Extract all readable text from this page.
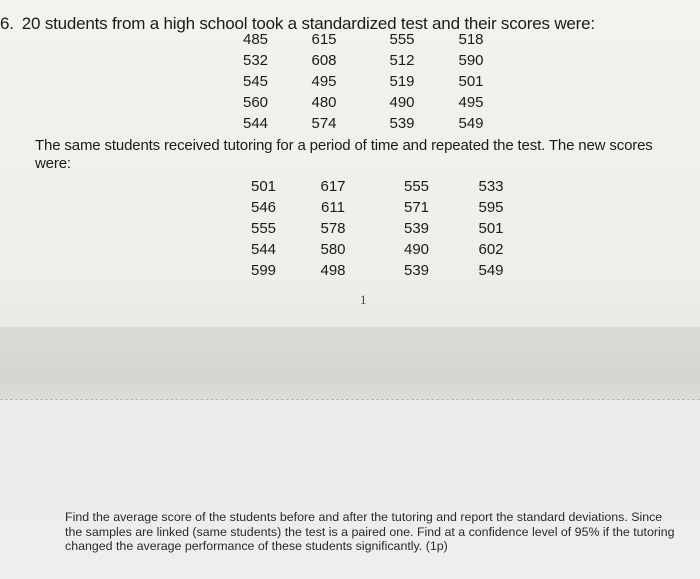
6. 20 students from a high school took a standardized test and their scores were:
485	615	555	518
532	608	512	590
545	495	519	501
560	480	490	495
544	574	539	549
The same students received tutoring for a period of time and repeated the test. The new scores were:
501	617	555	533
546	611	571	595
555	578	539	501
544	580	490	602
599	498	539	549
1
Find the average score of the students before and after the tutoring and report the standard deviations. Since the samples are linked (same students) the test is a paired one. Find at a confidence level of 95% if the tutoring changed the average performance of these students significantly. (1p)
